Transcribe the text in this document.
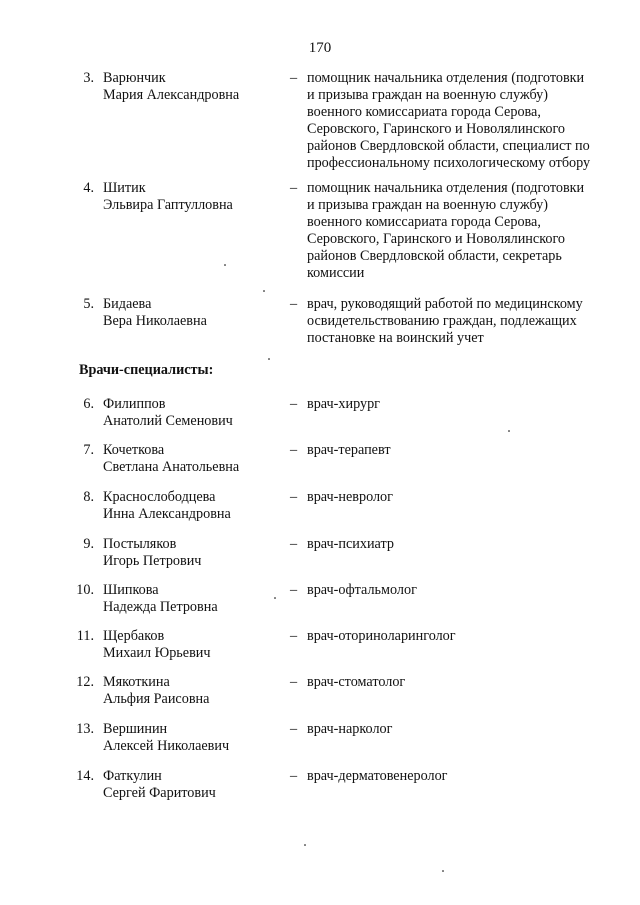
170
3. Варюнчик
Мария Александровна
– помощник начальника отделения (подготовки
и призыва граждан на военную службу)
военного комиссариата города Серова,
Серовского, Гаринского и Новолялинского
районов Свердловской области, специалист по
профессиональному психологическому отбору
4. Шитик
Эльвира Гаптулловна
– помощник начальника отделения (подготовки
и призыва граждан на военную службу)
военного комиссариата города Серова,
Серовского, Гаринского и Новолялинского
районов Свердловской области, секретарь
комиссии
5. Бидаева
Вера Николаевна
– врач, руководящий работой по медицинскому
освидетельствованию граждан, подлежащих
постановке на воинский учет
Врачи-специалисты:
6. Филиппов
Анатолий Семенович
– врач-хирург
7. Кочеткова
Светлана Анатольевна
– врач-терапевт
8. Краснослободцева
Инна Александровна
– врач-невролог
9. Постыляков
Игорь Петрович
– врач-психиатр
10. Шипкова
Надежда Петровна
– врач-офтальмолог
11. Щербаков
Михаил Юрьевич
– врач-оториноларинголог
12. Мякоткина
Альфия Раисовна
– врач-стоматолог
13. Вершинин
Алексей Николаевич
– врач-нарколог
14. Фаткулин
Сергей Фаритович
– врач-дерматовенеролог
